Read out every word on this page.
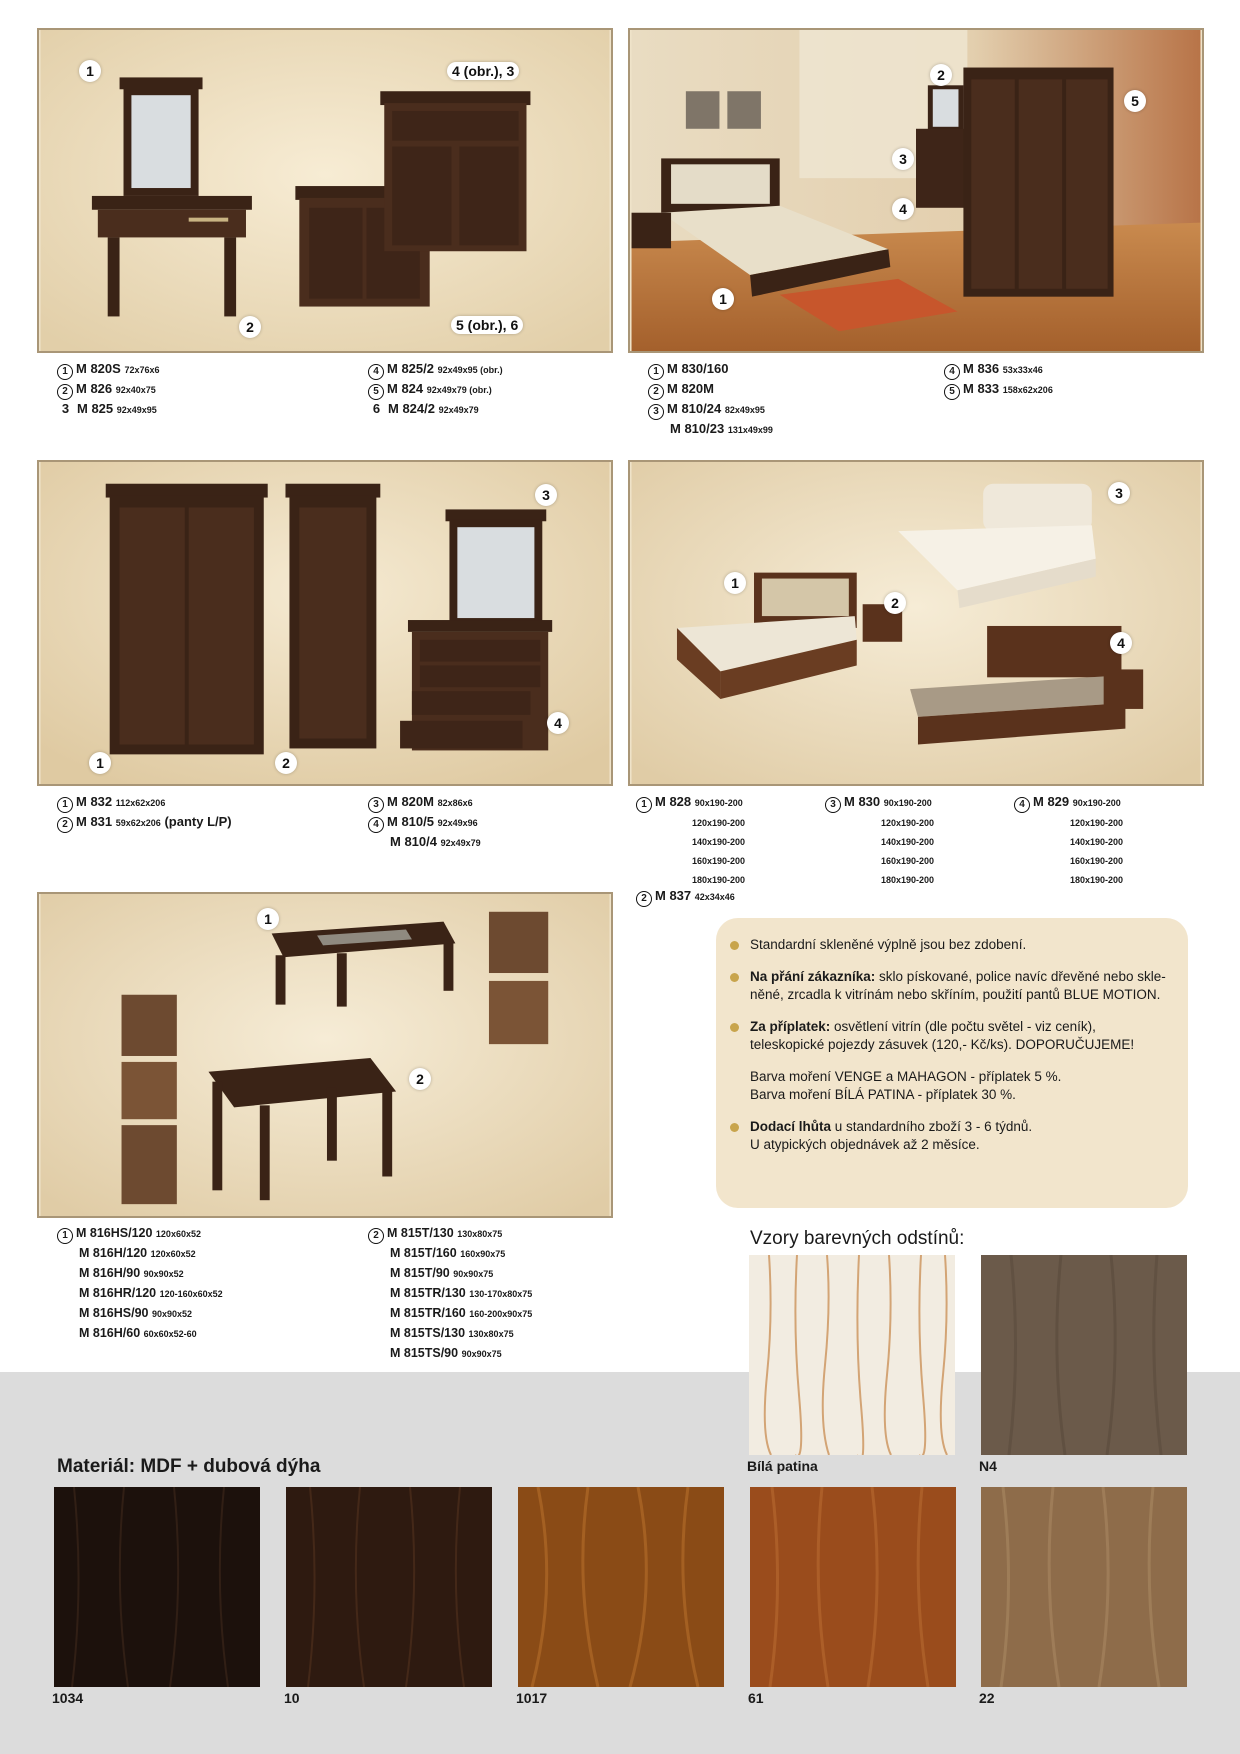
1
2
4 (obr.), 3
5 (obr.), 6
1 M 820S 72x76x6
2 M 826 92x40x75
3 M 825 92x49x95
4 M 825/2 92x49x95 (obr.)
5 M 824 92x49x79 (obr.)
6 M 824/2 92x49x79
1
2
3
4
5
1 M 830/160
2 M 820M
3 M 810/24 82x49x95
M 810/23 131x49x99
4 M 836 53x33x46
5 M 833 158x62x206
1	2
3
4
1 M 832 112x62x206
2 M 831 59x62x206 (panty L/P)
3 M 820M 82x86x6
4 M 810/5 92x49x96
M 810/4 92x49x79
1
2
3
4
1 M 828 90x190-200
120x190-200
140x190-200
160x190-200
180x190-200
3 M 830 90x190-200
120x190-200
140x190-200
160x190-200
180x190-200
4 M 829 90x190-200
120x190-200
140x190-200
160x190-200
180x190-200
2 M 837 42x34x46
1
2
1 M 816HS/120 120x60x52
M 816H/120 120x60x52
M 816H/90 90x90x52
M 816HR/120 120-160x60x52
M 816HS/90 90x90x52
M 816H/60 60x60x52-60
2 M 815T/130 130x80x75
M 815T/160 160x90x75
M 815T/90 90x90x75
M 815TR/130 130-170x80x75
M 815TR/160 160-200x90x75
M 815TS/130 130x80x75
M 815TS/90 90x90x75

Standardní skleněné výplně jsou bez zdobení.

Na přání zákazníka: sklo pískované, police navíc dřevěné nebo skle-něné, zrcadla k vitrínám nebo skříním, použití pantů BLUE MOTION.

Za příplatek: osvětlení vitrín (dle počtu světel - viz ceník), teleskopické pojezdy zásuvek (120,- Kč/ks). DOPORUČUJEME!

Barva moření VENGE a MAHAGON - příplatek 5 %.
Barva moření BÍLÁ PATINA - příplatek 30 %.

Dodací lhůta u standardního zboží 3 - 6 týdnů.
U atypických objednávek až 2 měsíce.

Vzory barevných odstínů:
Bílá patina	N4
Materiál: MDF + dubová dýha
1034	10	1017	61	22
